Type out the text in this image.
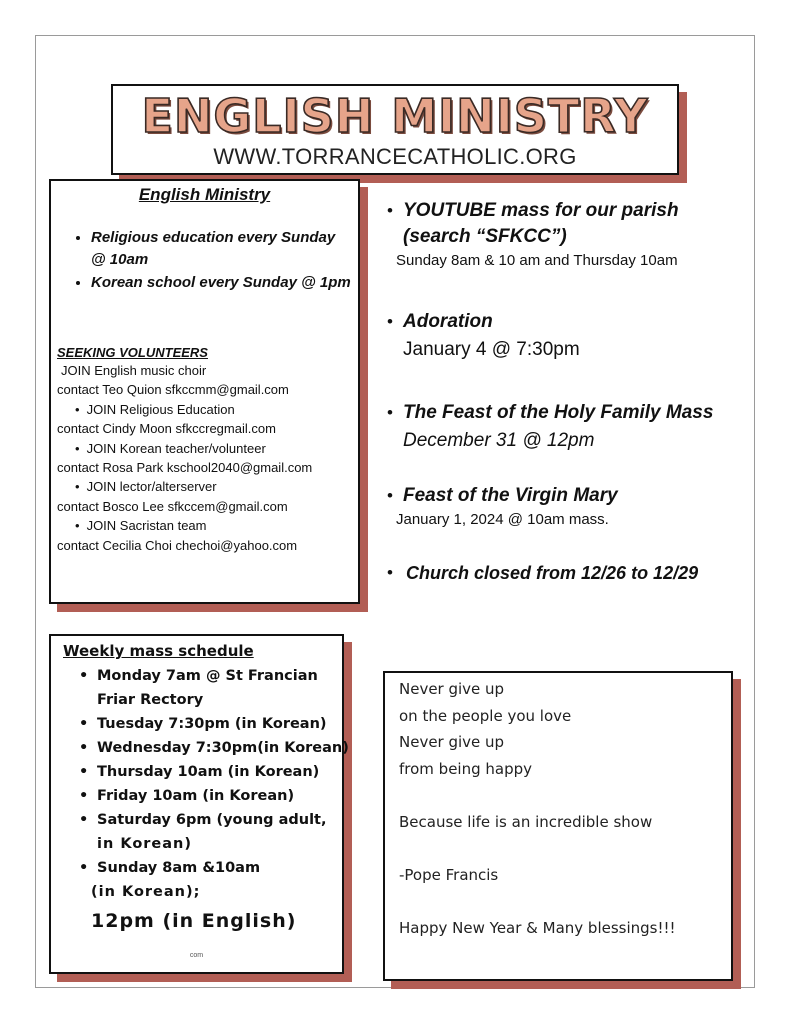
ENGLISH MINISTRY
WWW.TORRANCECATHOLIC.ORG
English Ministry
• Religious education every Sunday
@ 10am
• Korean school every Sunday @ 1pm
SEEKING VOLUNTEERS
JOIN English music choir
contact Teo Quion sfkccmm@gmail.com
• JOIN Religious Education
contact Cindy Moon sfkccregmail.com
• JOIN Korean teacher/volunteer
contact Rosa Park kschool2040@gmail.com
• JOIN lector/alterserver
contact Bosco Lee sfkccem@gmail.com
• JOIN Sacristan team
contact Cecilia Choi chechoi@yahoo.com
• YOUTUBE mass for our parish
(search “SFKCC”)
Sunday 8am & 10 am and Thursday 10am
• Adoration
January 4 @ 7:30pm
• The Feast of the Holy Family Mass
December 31 @ 12pm
• Feast of the Virgin Mary
January 1, 2024 @ 10am mass.
• Church closed from 12/26 to 12/29
Weekly mass schedule
• Monday 7am @ St Francian
Friar Rectory
• Tuesday 7:30pm (in Korean)
• Wednesday 7:30pm(in Korean)
• Thursday 10am (in Korean)
• Friday 10am (in Korean)
• Saturday 6pm (young adult,
in Korean)
• Sunday 8am &10am
(in Korean);
12pm (in English)
com
Never give up
on the people you love
Never give up
from being happy
Because life is an incredible show
-Pope Francis
Happy New Year & Many blessings!!!
